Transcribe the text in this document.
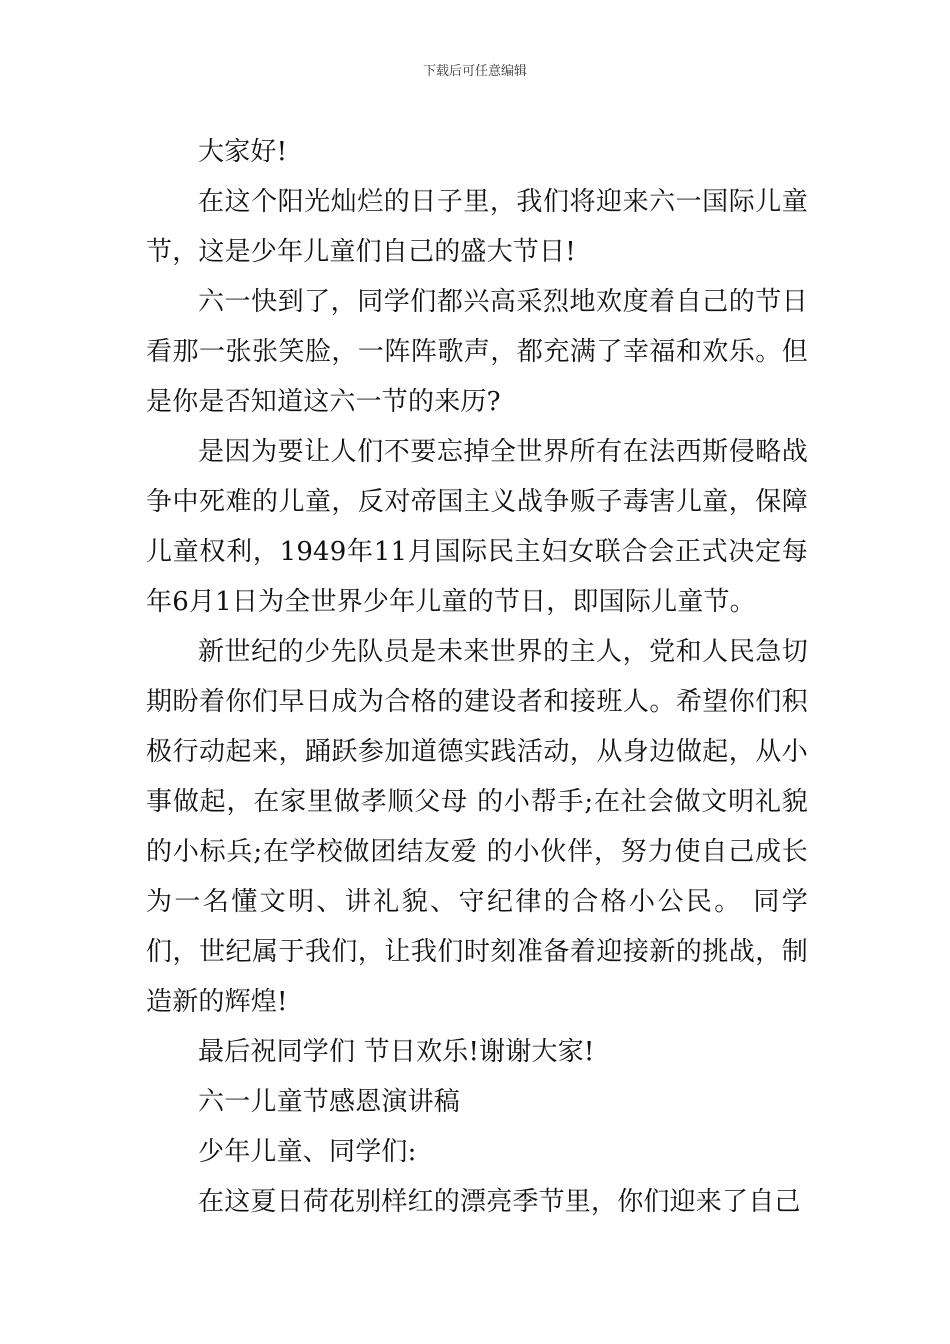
下载后可任意编辑

大家好!

在这个阳光灿烂的日子里，我们将迎来六一国际儿童节，这是少年儿童们自己的盛大节日!

六一快到了，同学们都兴高采烈地欢度着自己的节日看那一张张笑脸，一阵阵歌声，都充满了幸福和欢乐。但是你是否知道这六一节的来历?

是因为要让人们不要忘掉全世界所有在法西斯侵略战争中死难的儿童，反对帝国主义战争贩子毒害儿童，保障儿童权利，1949年11月国际民主妇女联合会正式决定每年6月1日为全世界少年儿童的节日，即国际儿童节。

新世纪的少先队员是未来世界的主人，党和人民急切期盼着你们早日成为合格的建设者和接班人。希望你们积极行动起来，踊跃参加道德实践活动，从身边做起，从小事做起，在家里做孝顺父母 的小帮手;在社会做文明礼貌的小标兵;在学校做团结友爱 的小伙伴，努力使自己成长为一名懂文明、讲礼貌、守纪律的合格小公民。 同学们，世纪属于我们，让我们时刻准备着迎接新的挑战，制造新的辉煌!

最后祝同学们 节日欢乐!谢谢大家!

六一儿童节感恩演讲稿

少年儿童、同学们:

在这夏日荷花别样红的漂亮季节里，你们迎来了自己
